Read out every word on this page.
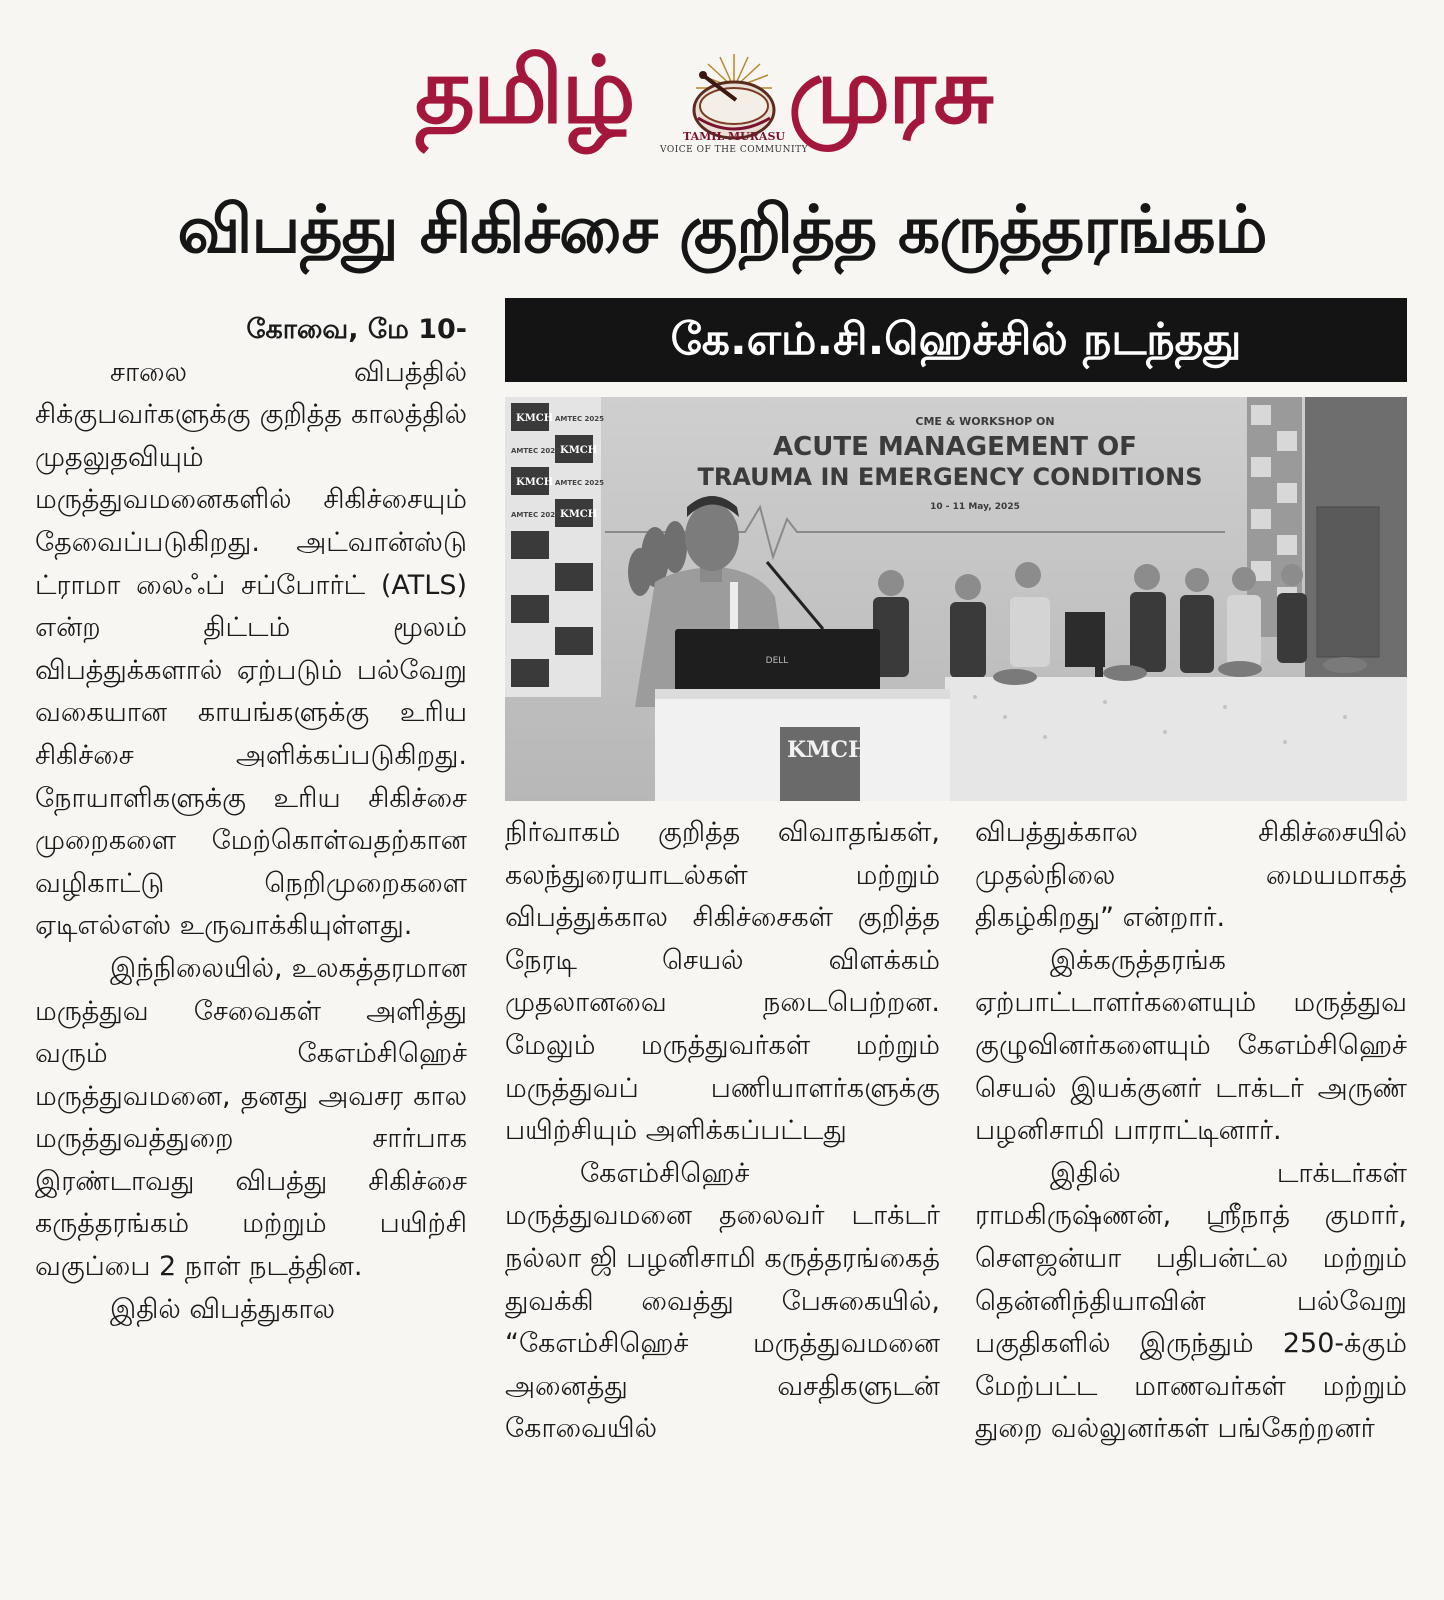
தமிழ்	TAMIL MURASU
VOICE OF THE COMMUNITY
முரசு
விபத்து சிகிச்சை குறித்த கருத்தரங்கம்
கே.எம்.சி.ஹெச்சில் நடந்தது
KMCH
KMCH
KMCH
KMCH
AMTEC 2025
AMTEC 2025
AMTEC 2025
AMTEC 2025
CME & WORKSHOP ON
ACUTE MANAGEMENT OF
TRAUMA IN EMERGENCY CONDITIONS
10 - 11 May, 2025
DELL
KMCH

கோவை, மே 10-

சாலை விபத்தில் சிக்குபவர்களுக்கு குறித்த காலத்தில் முதலுதவியும் மருத்துவமனைகளில் சிகிச்சையும் தேவைப்படுகிறது. அட்வான்ஸ்டு ட்ராமா லைஃப் சப்போர்ட் (ATLS) என்ற திட்டம் மூலம் விபத்துக்களால் ஏற்படும் பல்வேறு வகையான காயங்களுக்கு உரிய சிகிச்சை அளிக்கப்படுகிறது. நோயாளிகளுக்கு உரிய சிகிச்சை முறைகளை மேற்கொள்வதற்கான வழிகாட்டு நெறிமுறைகளை ஏடிஎல்எஸ் உருவாக்கியுள்ளது.

இந்நிலையில், உலகத்தரமான மருத்துவ சேவைகள் அளித்து வரும் கேஎம்சிஹெச் மருத்துவமனை, தனது அவசர கால மருத்துவத்துறை சார்பாக இரண்டாவது விபத்து சிகிச்சை கருத்தரங்கம் மற்றும் பயிற்சி வகுப்பை 2 நாள் நடத்தின.

இதில் விபத்துகால

நிர்வாகம் குறித்த விவாதங்கள், கலந்துரையாடல்கள் மற்றும் விபத்துக்கால சிகிச்சைகள் குறித்த நேரடி செயல் விளக்கம் முதலானவை நடைபெற்றன. மேலும் மருத்துவர்கள் மற்றும் மருத்துவப் பணியாளர்களுக்கு பயிற்சியும் அளிக்கப்பட்டது

கேஎம்சிஹெச் மருத்துவமனை தலைவர் டாக்டர் நல்லா ஜி பழனிசாமி கருத்தரங்கைத் துவக்கி வைத்து பேசுகையில், “கேஎம்சிஹெச் மருத்துவமனை அனைத்து வசதிகளுடன் கோவையில்

விபத்துக்கால சிகிச்சையில் முதல்நிலை மையமாகத் திகழ்கிறது” என்றார்.

இக்கருத்தரங்க ஏற்பாட்டாளர்களையும் மருத்துவ குழுவினர்களையும் கேஎம்சிஹெச் செயல் இயக்குனர் டாக்டர் அருண் பழனிசாமி பாராட்டினார்.

இதில் டாக்டர்கள் ராமகிருஷ்ணன், ஸ்ரீநாத் குமார், சௌஜன்யா பதிபன்ட்ல மற்றும் தென்னிந்தியாவின் பல்வேறு பகுதிகளில் இருந்தும் 250-க்கும் மேற்பட்ட மாணவர்கள் மற்றும் துறை வல்லுனர்கள் பங்கேற்றனர்
